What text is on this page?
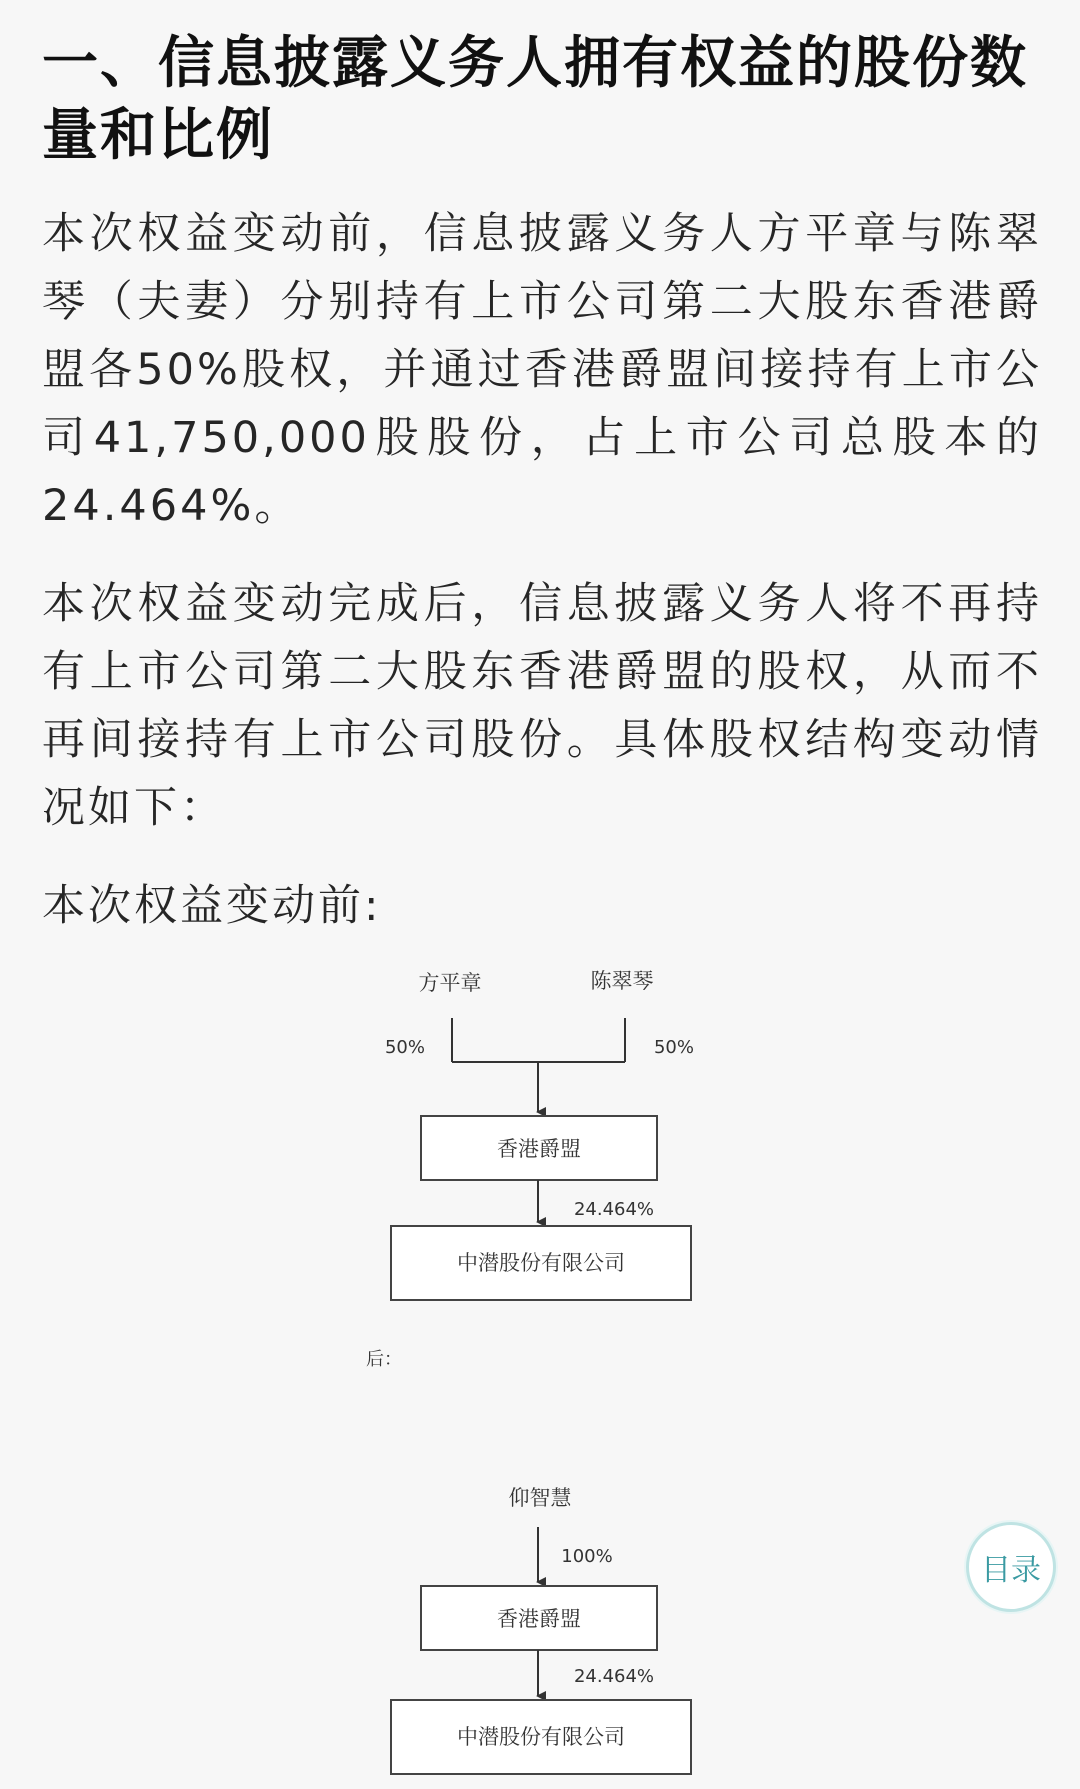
一、信息披露义务人拥有权益的股份数量和比例

本次权益变动前，信息披露义务人方平章与陈翠琴（夫妻）分别持有上市公司第二大股东香港爵盟各50%股权，并通过香港爵盟间接持有上市公司41,750,000股股份，占上市公司总股本的24.464%。

本次权益变动完成后，信息披露义务人将不再持有上市公司第二大股东香港爵盟的股权，从而不再间接持有上市公司股份。具体股权结构变动情况如下：

本次权益变动前:

方平章	陈翠琴
50%	50%
香港爵盟
24.464%
中潜股份有限公司
后：
仰智慧
100%
香港爵盟
24.464%
中潜股份有限公司
目录
